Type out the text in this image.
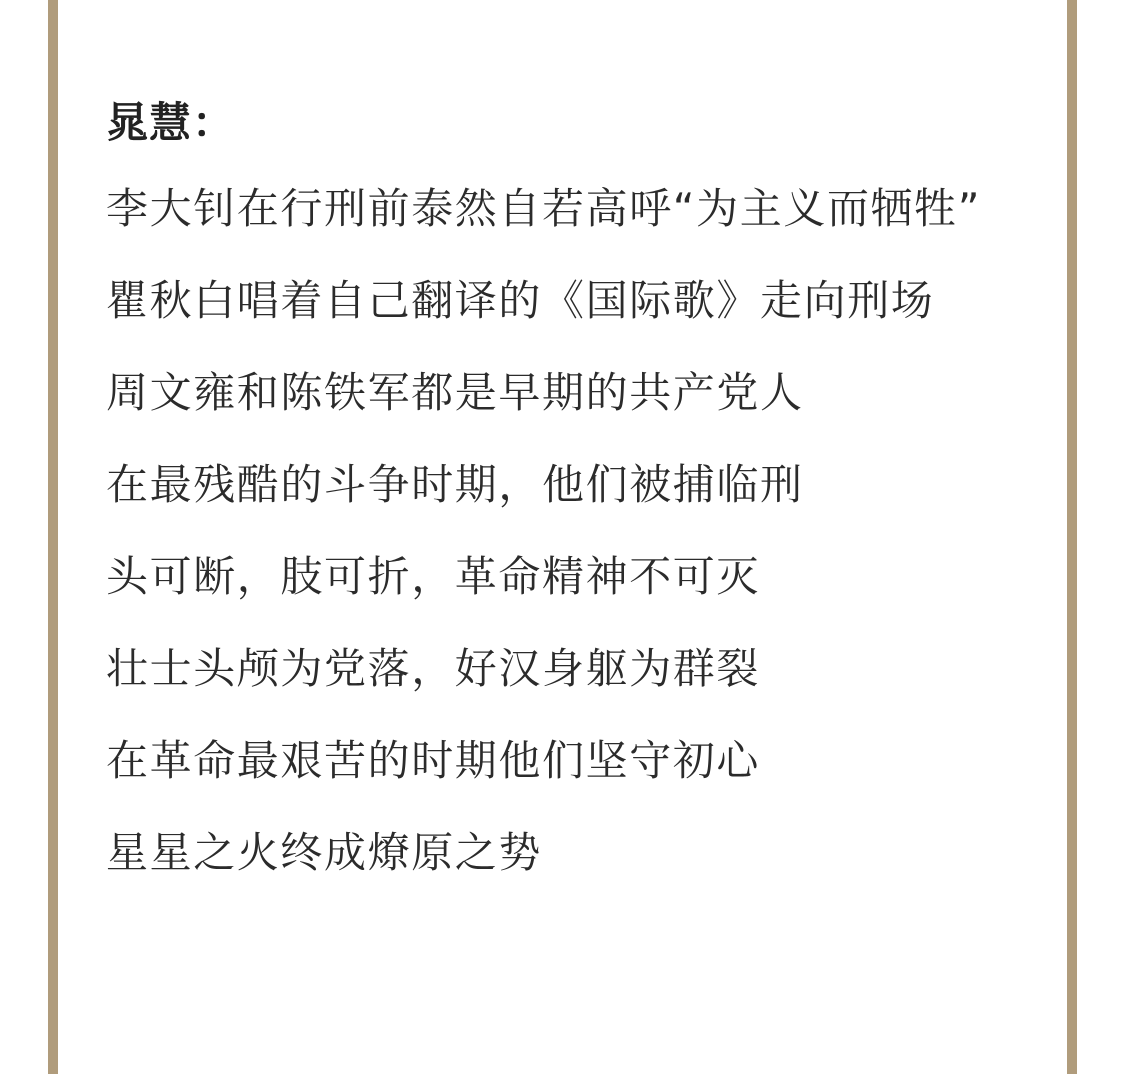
晁慧：

李大钊在行刑前泰然自若高呼“为主义而牺牲”

瞿秋白唱着自己翻译的《国际歌》走向刑场

周文雍和陈铁军都是早期的共产党人

在最残酷的斗争时期，他们被捕临刑

头可断，肢可折，革命精神不可灭

壮士头颅为党落，好汉身躯为群裂

在革命最艰苦的时期他们坚守初心

星星之火终成燎原之势
